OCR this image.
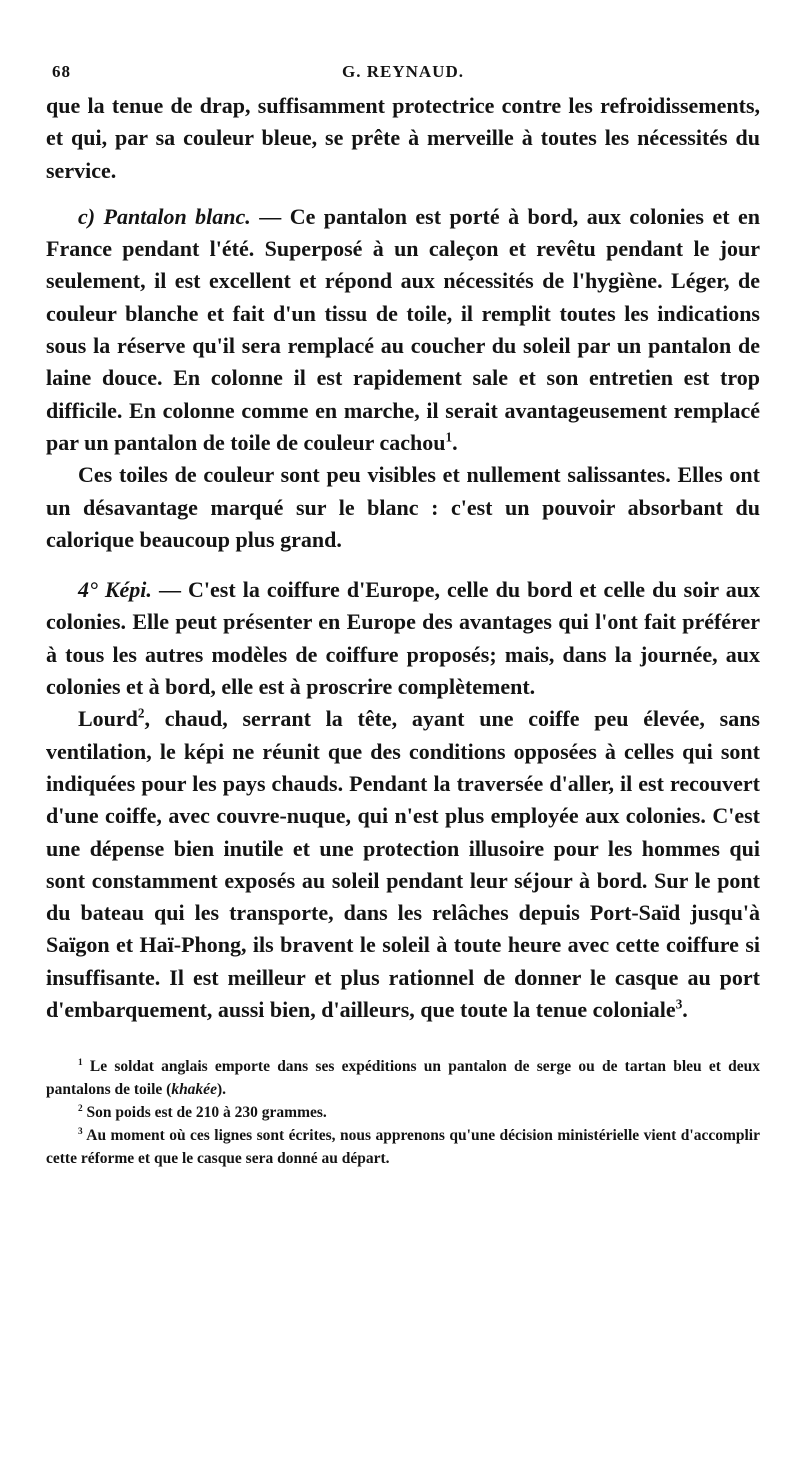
68	G. REYNAUD.

que la tenue de drap, suffisamment protectrice contre les refroidissements, et qui, par sa couleur bleue, se prête à merveille à toutes les nécessités du service.

c) Pantalon blanc. — Ce pantalon est porté à bord, aux colonies et en France pendant l'été. Superposé à un caleçon et revêtu pendant le jour seulement, il est excellent et répond aux nécessités de l'hygiène. Léger, de couleur blanche et fait d'un tissu de toile, il remplit toutes les indications sous la réserve qu'il sera remplacé au coucher du soleil par un pantalon de laine douce. En colonne il est rapidement sale et son entretien est trop difficile. En colonne comme en marche, il serait avantageusement remplacé par un pantalon de toile de couleur cachou$^1$.

Ces toiles de couleur sont peu visibles et nullement salissantes. Elles ont un désavantage marqué sur le blanc : c'est un pouvoir absorbant du calorique beaucoup plus grand.

4° Képi. — C'est la coiffure d'Europe, celle du bord et celle du soir aux colonies. Elle peut présenter en Europe des avantages qui l'ont fait préférer à tous les autres modèles de coiffure proposés; mais, dans la journée, aux colonies et à bord, elle est à proscrire complètement.

Lourd$^2$, chaud, serrant la tête, ayant une coiffe peu élevée, sans ventilation, le képi ne réunit que des conditions opposées à celles qui sont indiquées pour les pays chauds. Pendant la traversée d'aller, il est recouvert d'une coiffe, avec couvre-nuque, qui n'est plus employée aux colonies. C'est une dépense bien inutile et une protection illusoire pour les hommes qui sont constamment exposés au soleil pendant leur séjour à bord. Sur le pont du bateau qui les transporte, dans les relâches depuis Port-Saïd jusqu'à Saïgon et Haï-Phong, ils bravent le soleil à toute heure avec cette coiffure si insuffisante. Il est meilleur et plus rationnel de donner le casque au port d'embarquement, aussi bien, d'ailleurs, que toute la tenue coloniale$^3$.

$^1$ Le soldat anglais emporte dans ses expéditions un pantalon de serge ou de tartan bleu et deux pantalons de toile (khakée).

$^2$ Son poids est de 210 à 230 grammes.

$^3$ Au moment où ces lignes sont écrites, nous apprenons qu'une décision ministérielle vient d'accomplir cette réforme et que le casque sera donné au départ.
